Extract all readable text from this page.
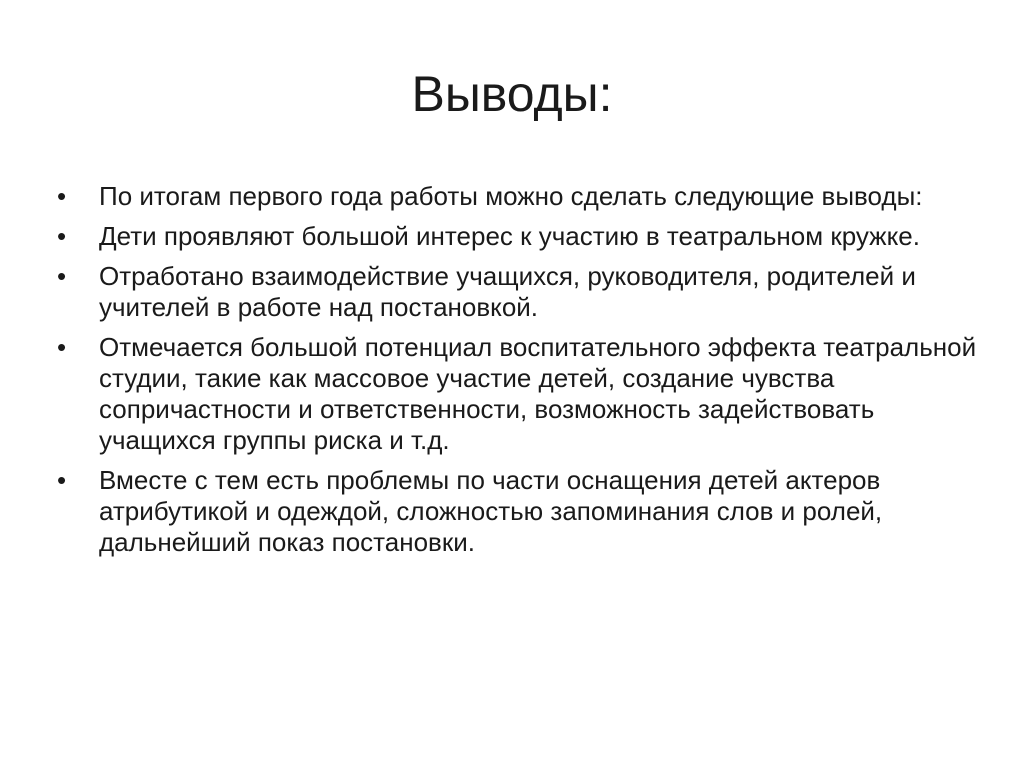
Выводы:
•	По итогам первого года работы можно сделать следующие выводы:
•	Дети проявляют большой интерес к участию в театральном кружке.
•	Отработано взаимодействие учащихся, руководителя, родителей и учителей в работе над постановкой.
•	Отмечается большой потенциал воспитательного эффекта театральной студии, такие как массовое участие детей, создание чувства сопричастности и ответственности, возможность задействовать учащихся группы риска и т.д.
•	Вместе с тем есть проблемы по части оснащения детей актеров атрибутикой и одеждой, сложностью запоминания слов и ролей, дальнейший показ постановки.
